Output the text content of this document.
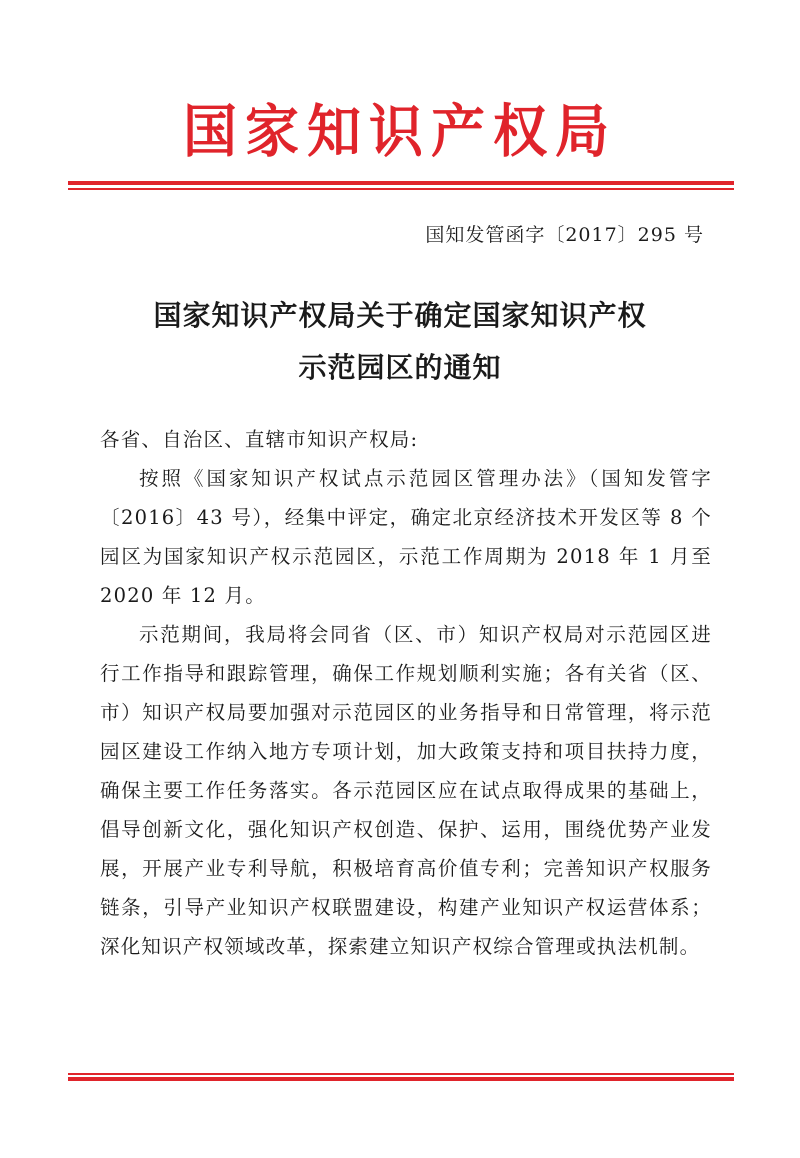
国家知识产权局
国知发管函字〔2017〕295 号
国家知识产权局关于确定国家知识产权
示范园区的通知

各省、自治区、直辖市知识产权局:

按照《国家知识产权试点示范园区管理办法》（国知发管字〔2016〕43 号），经集中评定，确定北京经济技术开发区等 8 个园区为国家知识产权示范园区，示范工作周期为 2018 年 1 月至 2020 年 12 月。

示范期间，我局将会同省（区、市）知识产权局对示范园区进行工作指导和跟踪管理，确保工作规划顺利实施；各有关省（区、市）知识产权局要加强对示范园区的业务指导和日常管理，将示范园区建设工作纳入地方专项计划，加大政策支持和项目扶持力度，确保主要工作任务落实。各示范园区应在试点取得成果的基础上，倡导创新文化，强化知识产权创造、保护、运用，围绕优势产业发展，开展产业专利导航，积极培育高价值专利；完善知识产权服务链条，引导产业知识产权联盟建设，构建产业知识产权运营体系；深化知识产权领域改革，探索建立知识产权综合管理或执法机制。
